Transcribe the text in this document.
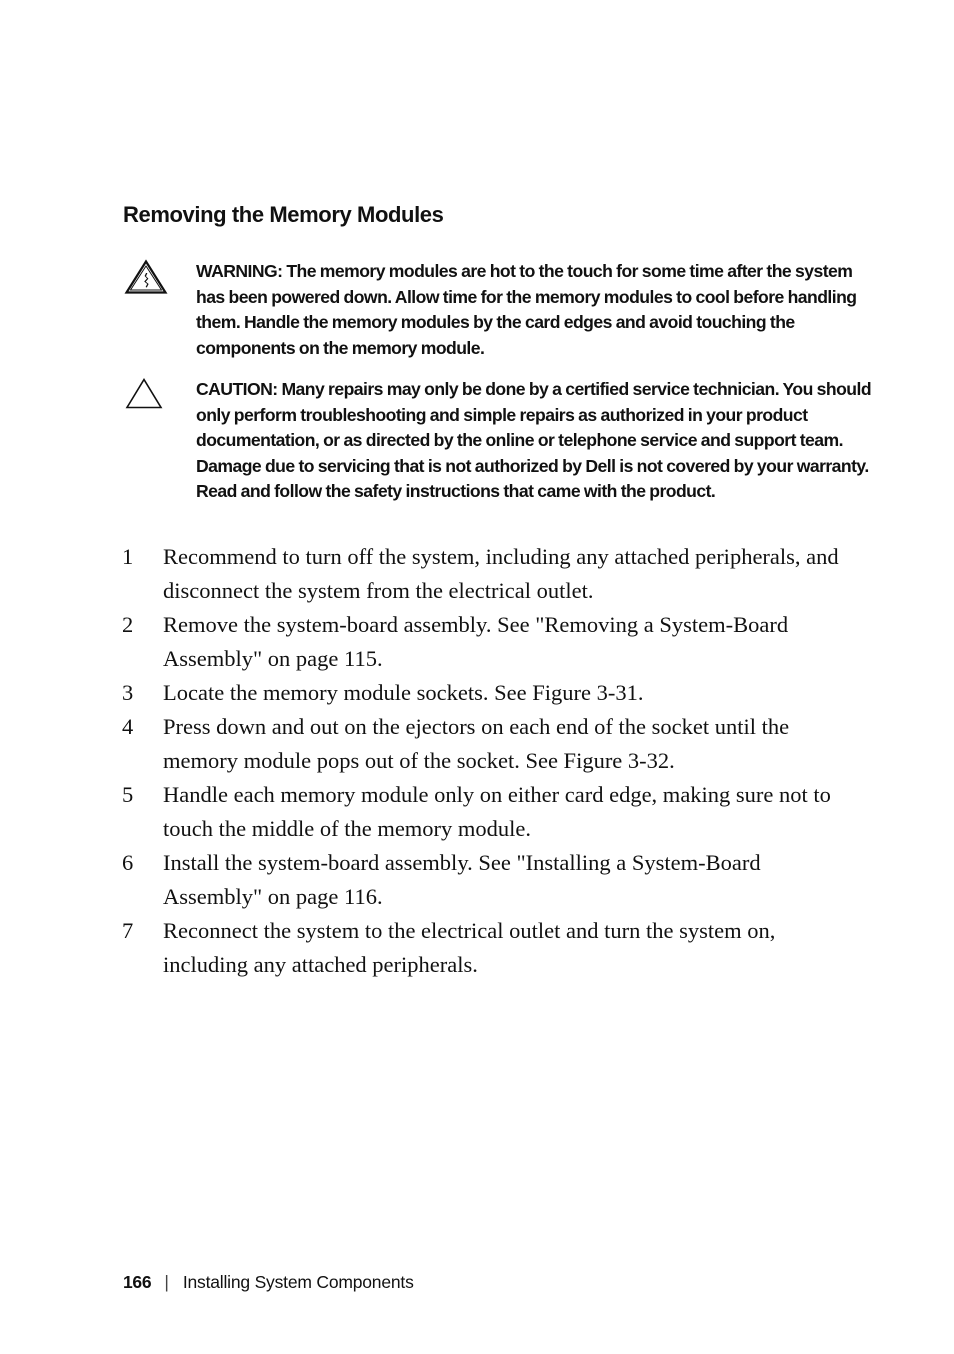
Removing the Memory Modules

WARNING: The memory modules are hot to the touch for some time after the system has been powered down. Allow time for the memory modules to cool before handling them. Handle the memory modules by the card edges and avoid touching the components on the memory module.

CAUTION: Many repairs may only be done by a certified service technician. You should only perform troubleshooting and simple repairs as authorized in your product documentation, or as directed by the online or telephone service and support team. Damage due to servicing that is not authorized by Dell is not covered by your warranty. Read and follow the safety instructions that came with the product.

1 Recommend to turn off the system, including any attached peripherals, and disconnect the system from the electrical outlet.
2 Remove the system-board assembly. See "Removing a System-Board Assembly" on page 115.
3 Locate the memory module sockets. See Figure 3-31.
4 Press down and out on the ejectors on each end of the socket until the memory module pops out of the socket. See Figure 3-32.
5 Handle each memory module only on either card edge, making sure not to touch the middle of the memory module.
6 Install the system-board assembly. See "Installing a System-Board Assembly" on page 116.
7 Reconnect the system to the electrical outlet and turn the system on, including any attached peripherals.
166 | Installing System Components
